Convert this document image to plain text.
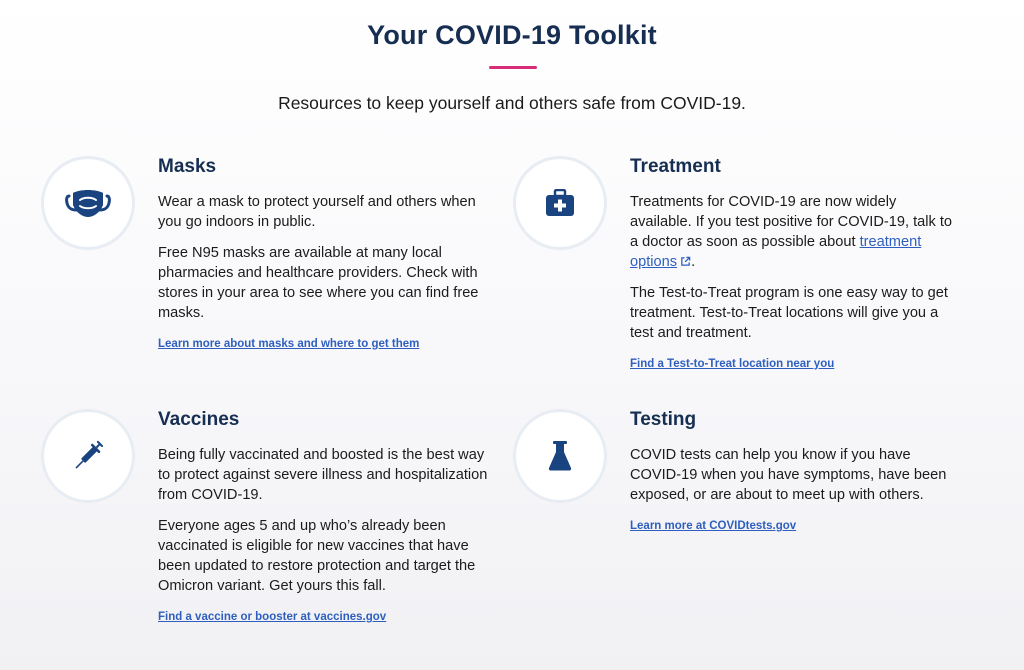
Your COVID-19 Toolkit

Resources to keep yourself and others safe from COVID-19.

Masks

Wear a mask to protect yourself and others when you go indoors in public.

Free N95 masks are available at many local pharmacies and healthcare providers. Check with stores in your area to see where you can find free masks.

Learn more about masks and where to get them
Treatment

Treatments for COVID-19 are now widely available. If you test positive for COVID-19, talk to a doctor as soon as possible about treatment options .

The Test-to-Treat program is one easy way to get treatment. Test-to-Treat locations will give you a test and treatment.

Find a Test-to-Treat location near you
Vaccines

Being fully vaccinated and boosted is the best way to protect against severe illness and hospitalization from COVID-19.

Everyone ages 5 and up who’s already been vaccinated is eligible for new vaccines that have been updated to restore protection and target the Omicron variant. Get yours this fall.

Find a vaccine or booster at vaccines.gov
Testing

COVID tests can help you know if you have COVID-19 when you have symptoms, have been exposed, or are about to meet up with others.

Learn more at COVIDtests.gov
